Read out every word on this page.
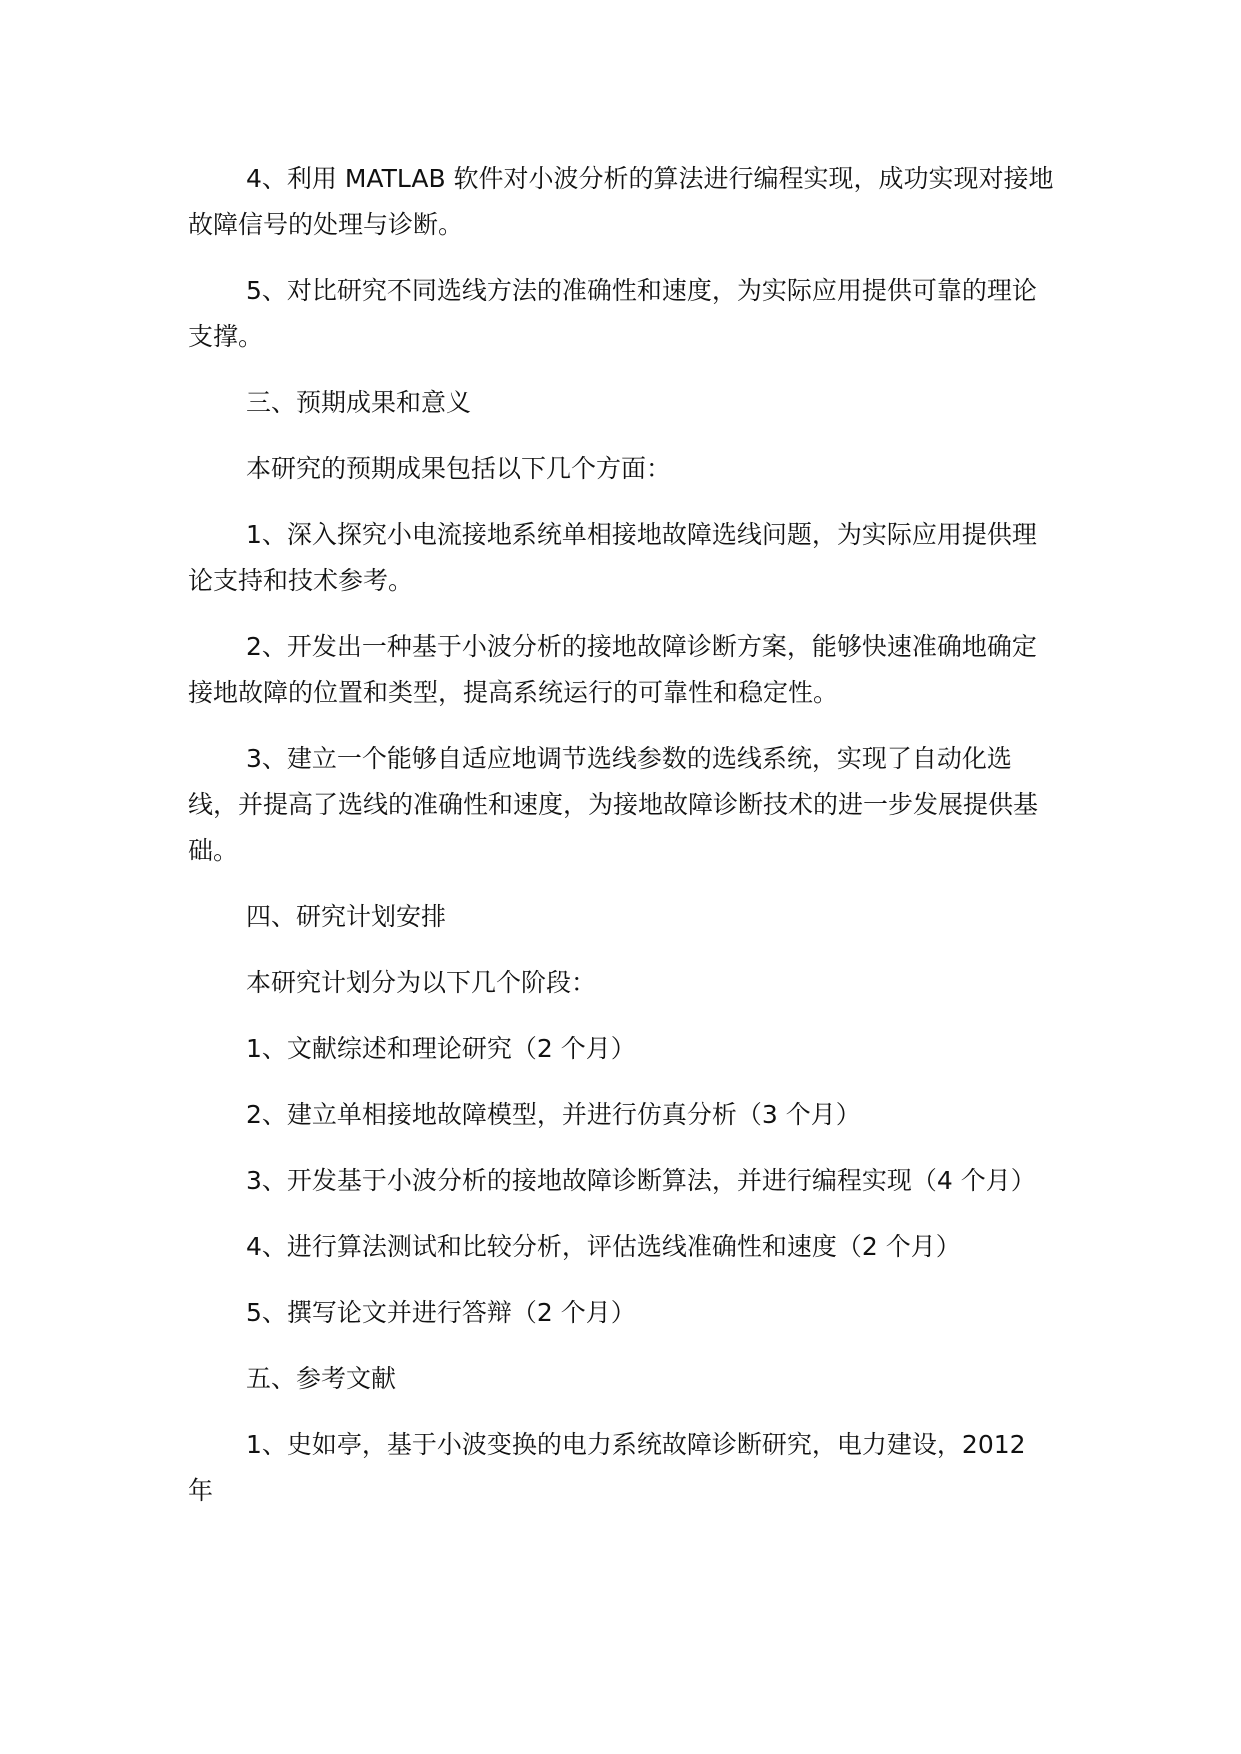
4、利用 MATLAB 软件对小波分析的算法进行编程实现，成功实现对接地故障信号的处理与诊断。

5、对比研究不同选线方法的准确性和速度，为实际应用提供可靠的理论支撑。

三、预期成果和意义

本研究的预期成果包括以下几个方面：

1、深入探究小电流接地系统单相接地故障选线问题，为实际应用提供理论支持和技术参考。

2、开发出一种基于小波分析的接地故障诊断方案，能够快速准确地确定接地故障的位置和类型，提高系统运行的可靠性和稳定性。

3、建立一个能够自适应地调节选线参数的选线系统，实现了自动化选线，并提高了选线的准确性和速度，为接地故障诊断技术的进一步发展提供基础。

四、研究计划安排

本研究计划分为以下几个阶段：

1、文献综述和理论研究（2 个月）

2、建立单相接地故障模型，并进行仿真分析（3 个月）

3、开发基于小波分析的接地故障诊断算法，并进行编程实现（4 个月）

4、进行算法测试和比较分析，评估选线准确性和速度（2 个月）

5、撰写论文并进行答辩（2 个月）

五、参考文献

1、史如亭，基于小波变换的电力系统故障诊断研究，电力建设，2012 年
